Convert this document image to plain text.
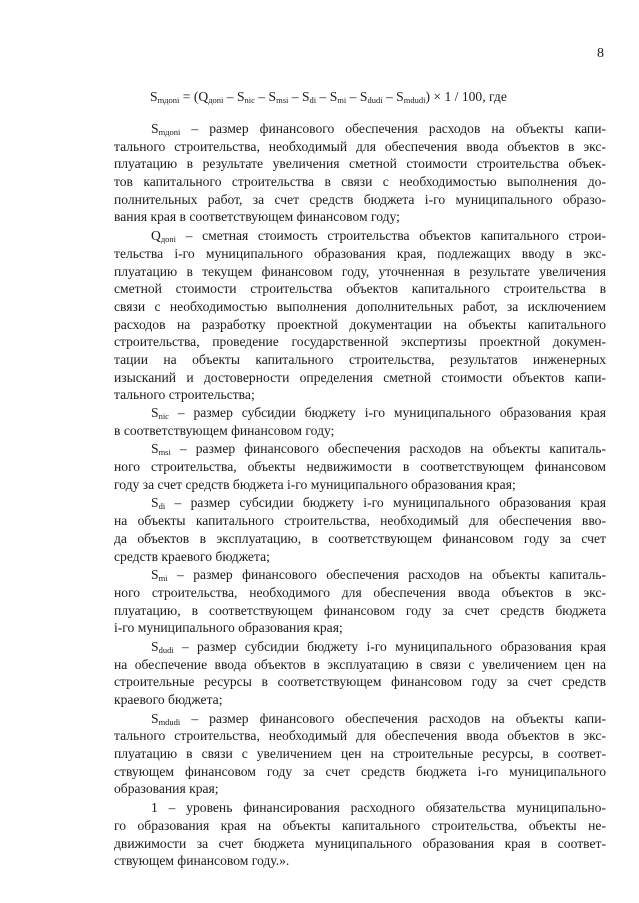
8
$S_{mдoni} = (Q_{доni} - S_{nic} - S_{msi} - S_{di} - S_{mi} - S_{dudi} - S_{mdudi}) \times 1 / 100$, где
$S_{mдoni}$ – размер финансового обеспечения расходов на объекты капи-
тального строительства, необходимый для обеспечения ввода объектов в экс-
плуатацию в результате увеличения сметной стоимости строительства объек-
тов капитального строительства в связи с необходимостью выполнения до-
полнительных работ, за счет средств бюджета i-го муниципального образо-
вания края в соответствующем финансовом году;
$Q_{доni}$ – сметная стоимость строительства объектов капитального строи-
тельства i-го муниципального образования края, подлежащих вводу в экс-
плуатацию в текущем финансовом году, уточненная в результате увеличения
сметной стоимости строительства объектов капитального строительства в
связи с необходимостью выполнения дополнительных работ, за исключением
расходов на разработку проектной документации на объекты капитального
строительства, проведение государственной экспертизы проектной докумен-
тации на объекты капитального строительства, результатов инженерных
изысканий и достоверности определения сметной стоимости объектов капи-
тального строительства;
$S_{nic}$ – размер субсидии бюджету i-го муниципального образования края
в соответствующем финансовом году;
$S_{msi}$ – размер финансового обеспечения расходов на объекты капиталь-
ного строительства, объекты недвижимости в соответствующем финансовом
году за счет средств бюджета i-го муниципального образования края;
$S_{di}$ – размер субсидии бюджету i-го муниципального образования края
на объекты капитального строительства, необходимый для обеспечения вво-
да объектов в эксплуатацию, в соответствующем финансовом году за счет
средств краевого бюджета;
$S_{mi}$ – размер финансового обеспечения расходов на объекты капиталь-
ного строительства, необходимого для обеспечения ввода объектов в экс-
плуатацию, в соответствующем финансовом году за счет средств бюджета
i-го муниципального образования края;
$S_{dudi}$ – размер субсидии бюджету i-го муниципального образования края
на обеспечение ввода объектов в эксплуатацию в связи с увеличением цен на
строительные ресурсы в соответствующем финансовом году за счет средств
краевого бюджета;
$S_{mdudi}$ – размер финансового обеспечения расходов на объекты капи-
тального строительства, необходимый для обеспечения ввода объектов в экс-
плуатацию в связи с увеличением цен на строительные ресурсы, в соответ-
ствующем финансовом году за счет средств бюджета i-го муниципального
образования края;
1 – уровень финансирования расходного обязательства муниципально-
го образования края на объекты капитального строительства, объекты не-
движимости за счет бюджета муниципального образования края в соответ-
ствующем финансовом году.».
